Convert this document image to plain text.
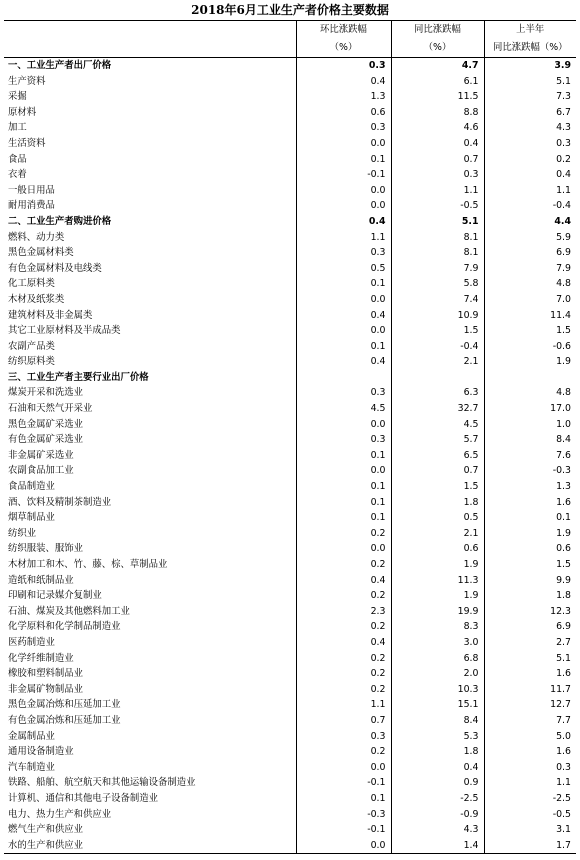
2018年6月工业生产者价格主要数据
	环比涨跌幅	同比涨跌幅	上半年
	（%）	（%）	同比涨跌幅（%）
一、工业生产者出厂价格	0.3	4.7	3.9
生产资料	0.4	6.1	5.1
采掘	1.3	11.5	7.3
原材料	0.6	8.8	6.7
加工	0.3	4.6	4.3
生活资料	0.0	0.4	0.3
食品	0.1	0.7	0.2
衣着	-0.1	0.3	0.4
一般日用品	0.0	1.1	1.1
耐用消费品	0.0	-0.5	-0.4
二、工业生产者购进价格	0.4	5.1	4.4
燃料、动力类	1.1	8.1	5.9
黑色金属材料类	0.3	8.1	6.9
有色金属材料及电线类	0.5	7.9	7.9
化工原料类	0.1	5.8	4.8
木材及纸浆类	0.0	7.4	7.0
建筑材料及非金属类	0.4	10.9	11.4
其它工业原材料及半成品类	0.0	1.5	1.5
农副产品类	0.1	-0.4	-0.6
纺织原料类	0.4	2.1	1.9
三、工业生产者主要行业出厂价格			
煤炭开采和洗选业	0.3	6.3	4.8
石油和天然气开采业	4.5	32.7	17.0
黑色金属矿采选业	0.0	4.5	1.0
有色金属矿采选业	0.3	5.7	8.4
非金属矿采选业	0.1	6.5	7.6
农副食品加工业	0.0	0.7	-0.3
食品制造业	0.1	1.5	1.3
酒、饮料及精制茶制造业	0.1	1.8	1.6
烟草制品业	0.1	0.5	0.1
纺织业	0.2	2.1	1.9
纺织服装、服饰业	0.0	0.6	0.6
木材加工和木、竹、藤、棕、草制品业	0.2	1.9	1.5
造纸和纸制品业	0.4	11.3	9.9
印刷和记录媒介复制业	0.2	1.9	1.8
石油、煤炭及其他燃料加工业	2.3	19.9	12.3
化学原料和化学制品制造业	0.2	8.3	6.9
医药制造业	0.4	3.0	2.7
化学纤维制造业	0.2	6.8	5.1
橡胶和塑料制品业	0.2	2.0	1.6
非金属矿物制品业	0.2	10.3	11.7
黑色金属冶炼和压延加工业	1.1	15.1	12.7
有色金属冶炼和压延加工业	0.7	8.4	7.7
金属制品业	0.3	5.3	5.0
通用设备制造业	0.2	1.8	1.6
汽车制造业	0.0	0.4	0.3
铁路、船舶、航空航天和其他运输设备制造业	-0.1	0.9	1.1
计算机、通信和其他电子设备制造业	0.1	-2.5	-2.5
电力、热力生产和供应业	-0.3	-0.9	-0.5
燃气生产和供应业	-0.1	4.3	3.1
水的生产和供应业	0.0	1.4	1.7
